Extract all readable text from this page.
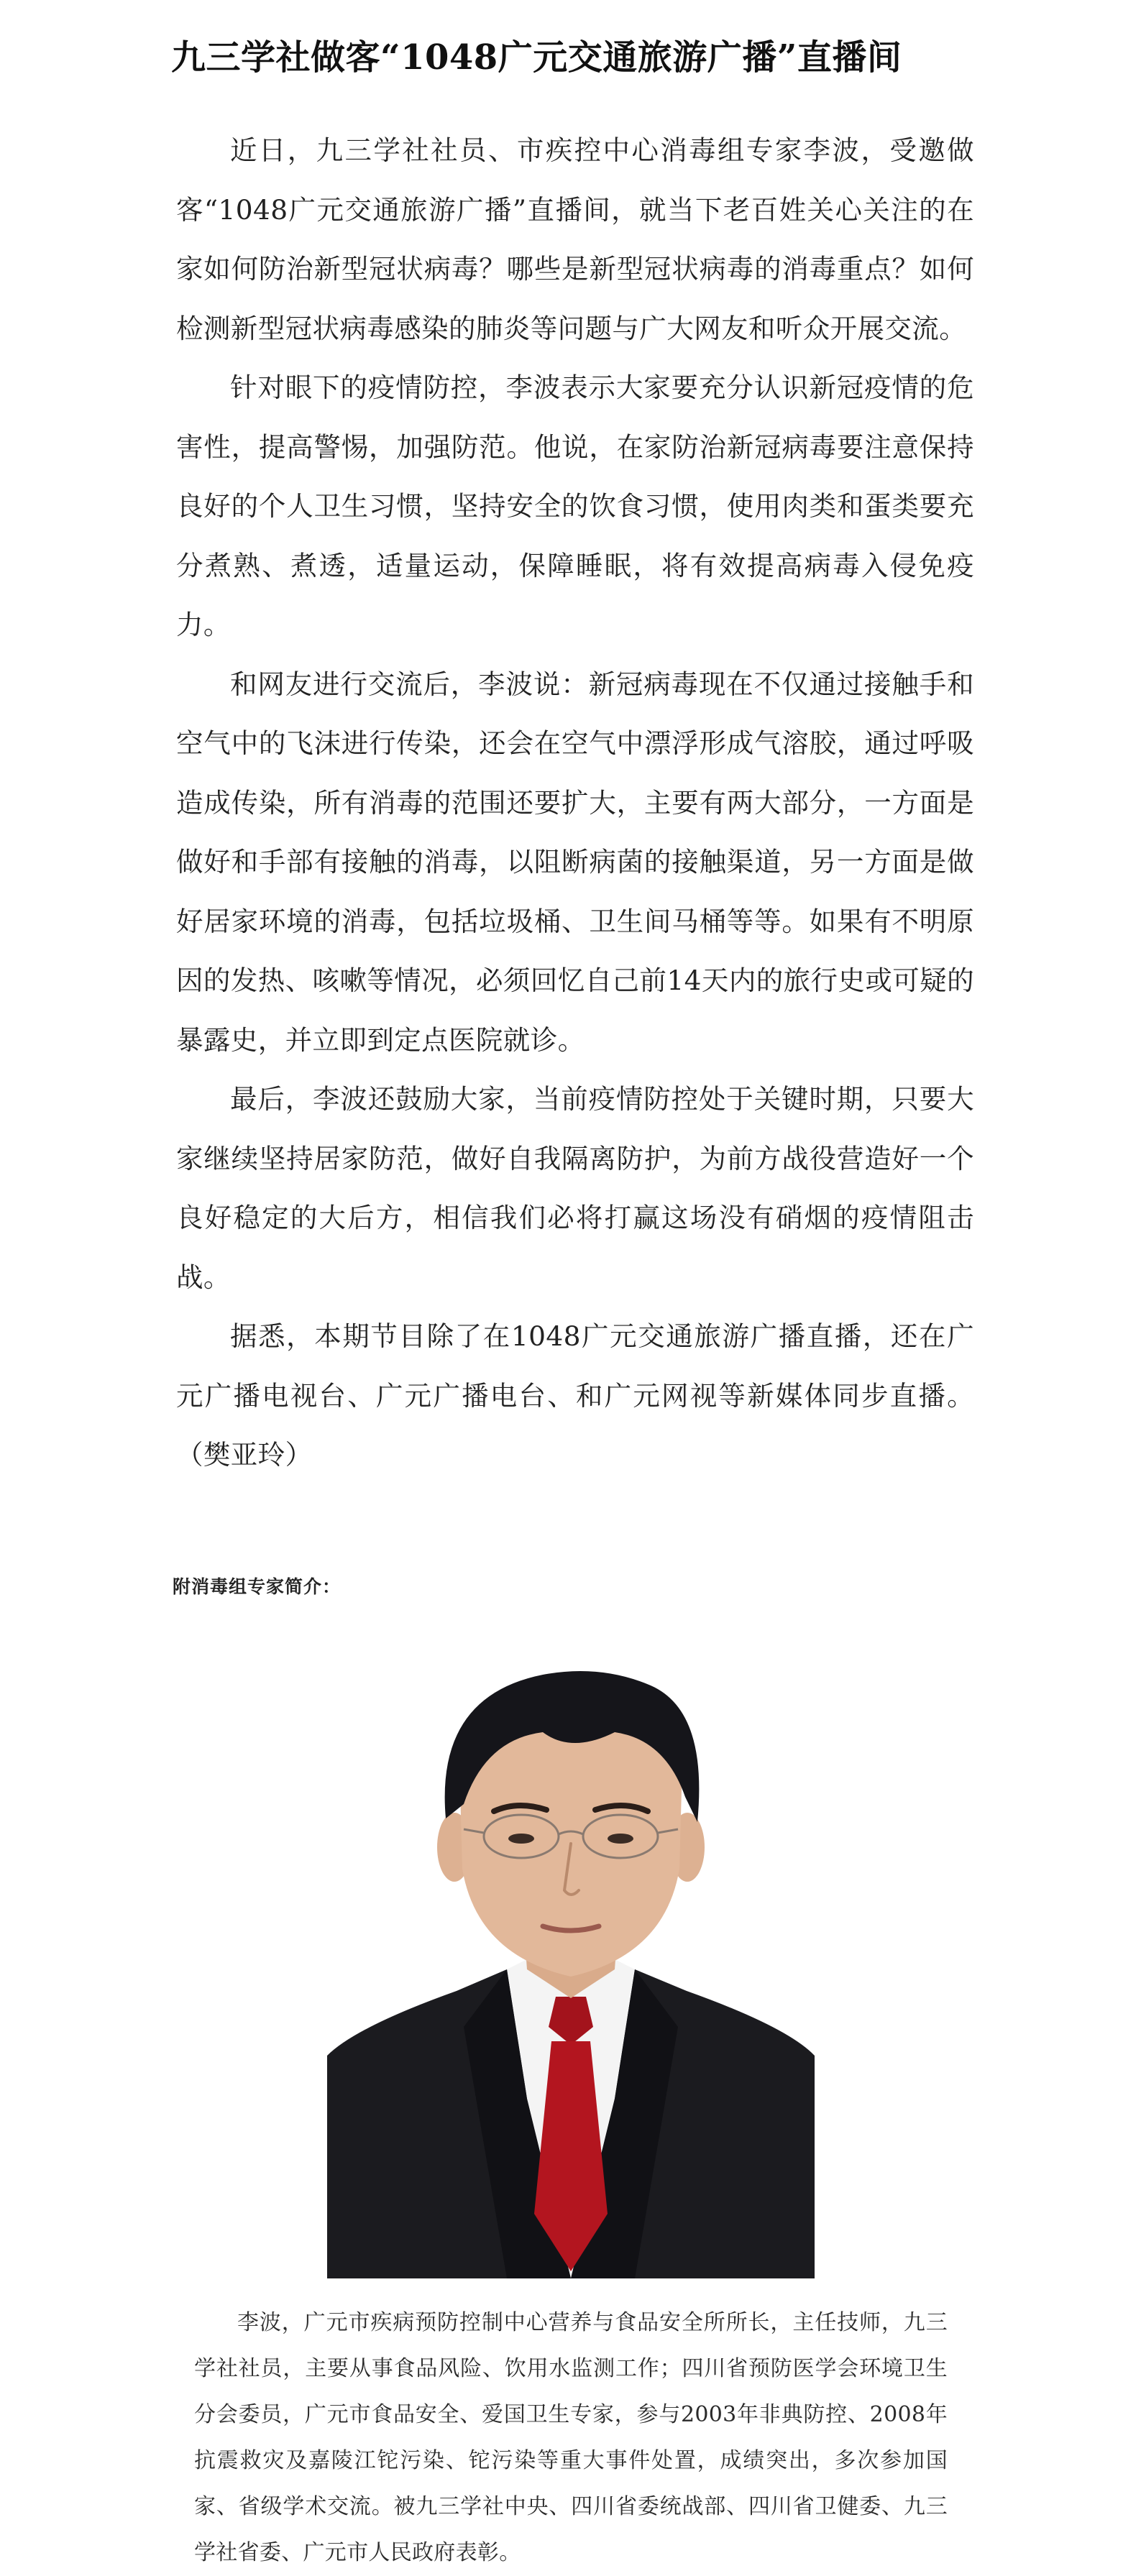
九三学社做客“1048广元交通旅游广播”直播间

近日，九三学社社员、市疾控中心消毒组专家李波，受邀做客“1048广元交通旅游广播”直播间，就当下老百姓关心关注的在家如何防治新型冠状病毒？哪些是新型冠状病毒的消毒重点？如何检测新型冠状病毒感染的肺炎等问题与广大网友和听众开展交流。

针对眼下的疫情防控，李波表示大家要充分认识新冠疫情的危害性，提高警惕，加强防范。他说，在家防治新冠病毒要注意保持良好的个人卫生习惯，坚持安全的饮食习惯，使用肉类和蛋类要充分煮熟、煮透，适量运动，保障睡眠，将有效提高病毒入侵免疫力。

和网友进行交流后，李波说：新冠病毒现在不仅通过接触手和空气中的飞沫进行传染，还会在空气中漂浮形成气溶胶，通过呼吸造成传染，所有消毒的范围还要扩大，主要有两大部分，一方面是做好和手部有接触的消毒，以阻断病菌的接触渠道，另一方面是做好居家环境的消毒，包括垃圾桶、卫生间马桶等等。如果有不明原因的发热、咳嗽等情况，必须回忆自己前14天内的旅行史或可疑的暴露史，并立即到定点医院就诊。

最后，李波还鼓励大家，当前疫情防控处于关键时期，只要大家继续坚持居家防范，做好自我隔离防护，为前方战役营造好一个良好稳定的大后方，相信我们必将打赢这场没有硝烟的疫情阻击战。

据悉，本期节目除了在1048广元交通旅游广播直播，还在广元广播电视台、广元广播电台、和广元网视等新媒体同步直播。（樊亚玲）

附消毒组专家简介：

李波，广元市疾病预防控制中心营养与食品安全所所长，主任技师，九三学社社员，主要从事食品风险、饮用水监测工作；四川省预防医学会环境卫生分会委员，广元市食品安全、爱国卫生专家，参与2003年非典防控、2008年抗震救灾及嘉陵江铊污染、铊污染等重大事件处置，成绩突出，多次参加国家、省级学术交流。被九三学社中央、四川省委统战部、四川省卫健委、九三学社省委、广元市人民政府表彰。
